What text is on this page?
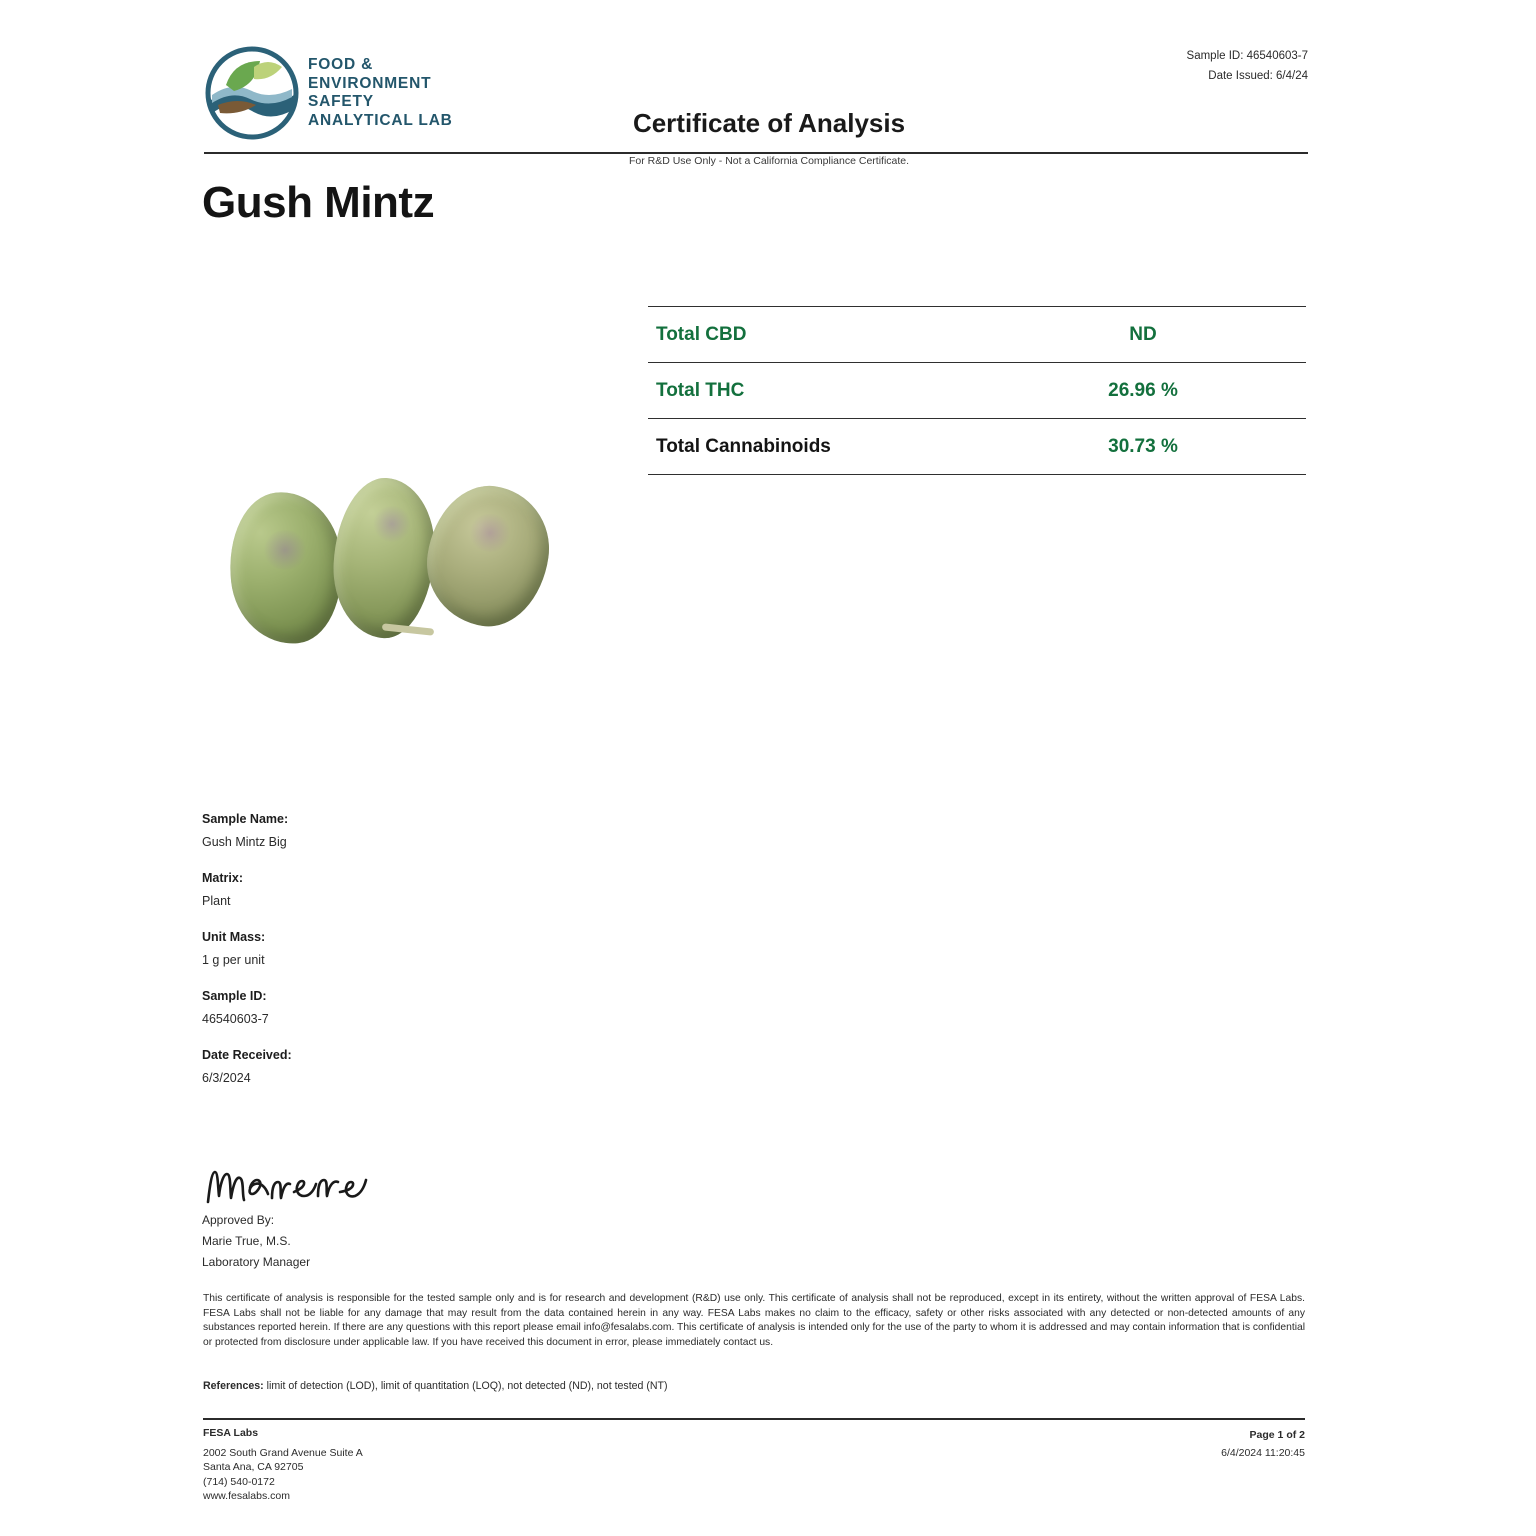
FOOD &
ENVIRONMENT
SAFETY
ANALYTICAL LAB	Certificate of Analysis
For R&D Use Only - Not a California Compliance Certificate.
Sample ID: 46540603-7
Date Issued: 6/4/24
Gush Mintz
Total CBD	ND
Total THC	26.96 %
Total Cannabinoids	30.73 %
Sample Name:
Gush Mintz Big
Matrix:
Plant
Unit Mass:
1 g per unit
Sample ID:
46540603-7
Date Received:
6/3/2024
Approved By:
Marie True, M.S.
Laboratory Manager
This certificate of analysis is responsible for the tested sample only and is for research and development (R&D) use only. This certificate of analysis shall not be reproduced, except in its entirety, without the written approval of FESA Labs. FESA Labs shall not be liable for any damage that may result from the data contained herein in any way. FESA Labs makes no claim to the efficacy, safety or other risks associated with any detected or non-detected amounts of any substances reported herein. If there are any questions with this report please email info@fesalabs.com. This certificate of analysis is intended only for the use of the party to whom it is addressed and may contain information that is confidential or protected from disclosure under applicable law. If you have received this document in error, please immediately contact us.
References: limit of detection (LOD), limit of quantitation (LOQ), not detected (ND), not tested (NT)
FESA Labs
2002 South Grand Avenue Suite A
Santa Ana, CA 92705
(714) 540-0172
www.fesalabs.com
Page 1 of 2
6/4/2024 11:20:45
